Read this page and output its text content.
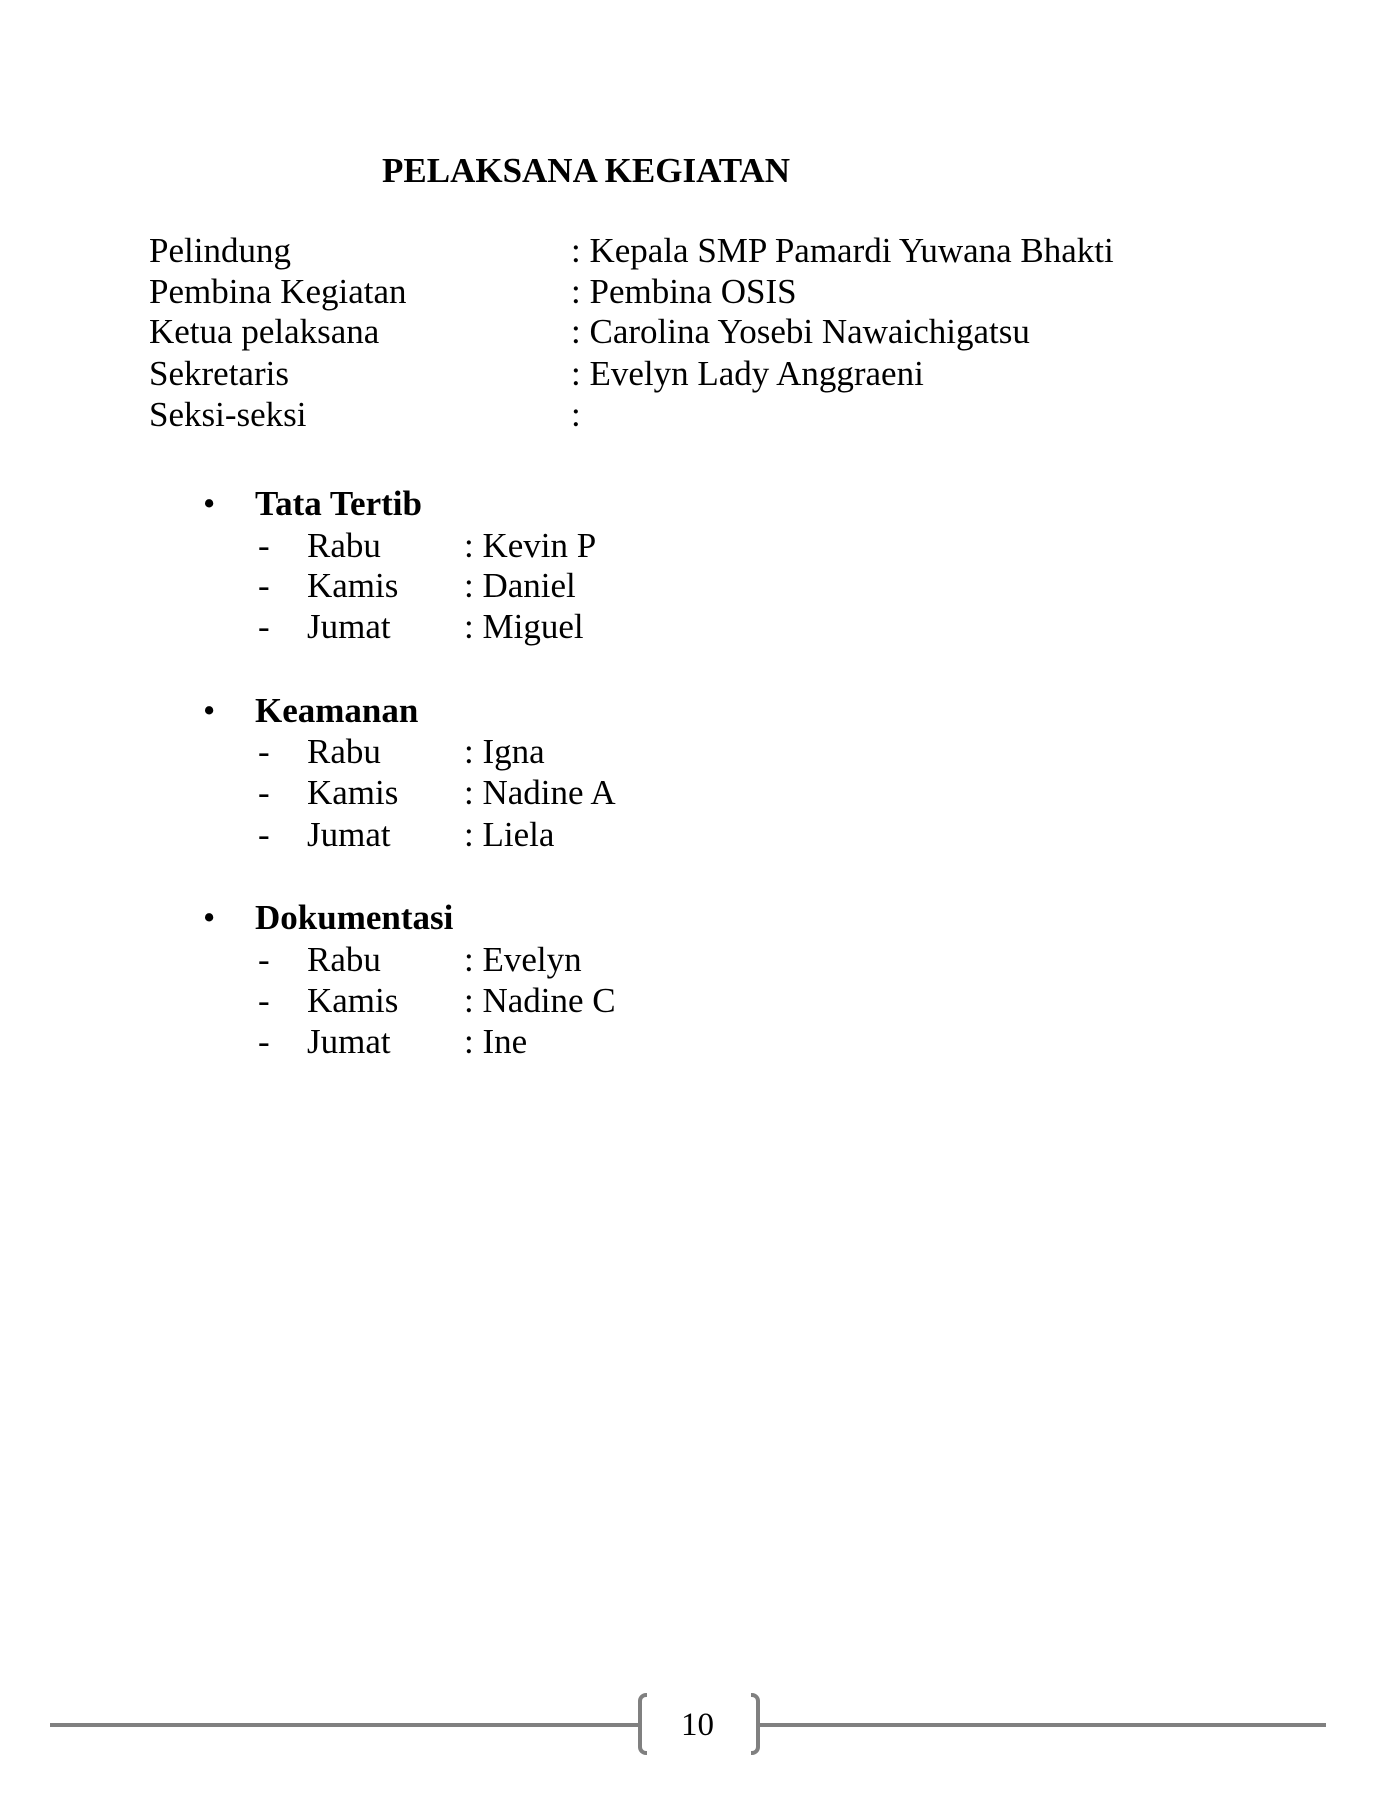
PELAKSANA KEGIATAN
Pelindung	: Kepala SMP Pamardi Yuwana Bhakti
Pembina Kegiatan	: Pembina OSIS
Ketua pelaksana	: Carolina Yosebi Nawaichigatsu
Sekretaris	: Evelyn Lady Anggraeni
Seksi-seksi	:
• Tata Tertib
- Rabu : Kevin P
- Kamis : Daniel
- Jumat : Miguel
• Keamanan
- Rabu : Igna
- Kamis : Nadine A
- Jumat : Liela
• Dokumentasi
- Rabu : Evelyn
- Kamis : Nadine C
- Jumat : Ine
10
